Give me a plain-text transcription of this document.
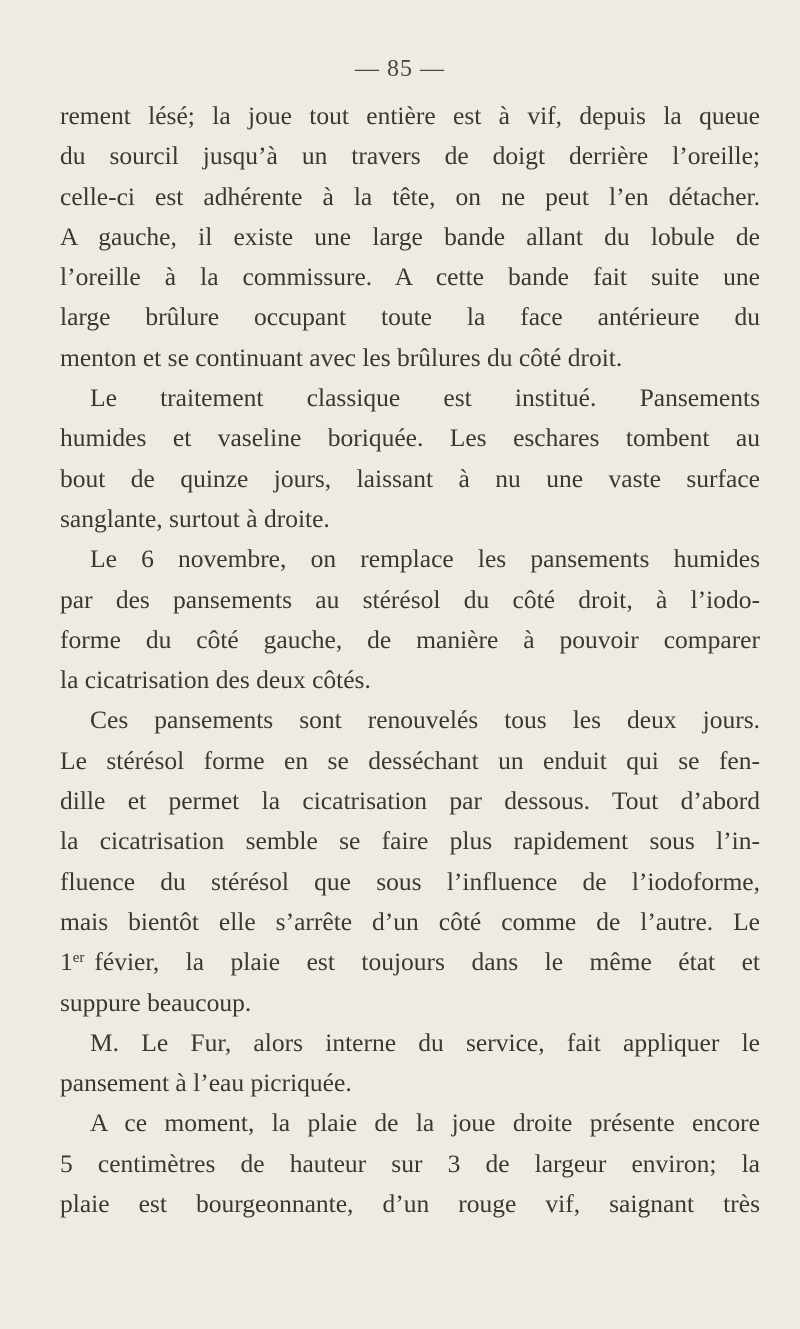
— 85 —
rement lésé; la joue tout entière est à vif, depuis la queue
du sourcil jusqu’à un travers de doigt derrière l’oreille;
celle-ci est adhérente à la tête, on ne peut l’en détacher.
A gauche, il existe une large bande allant du lobule de
l’oreille à la commissure. A cette bande fait suite une
large brûlure occupant toute la face antérieure du
menton et se continuant avec les brûlures du côté droit.
Le traitement classique est institué. Pansements
humides et vaseline boriquée. Les eschares tombent au
bout de quinze jours, laissant à nu une vaste surface
sanglante, surtout à droite.
Le 6 novembre, on remplace les pansements humides
par des pansements au stérésol du côté droit, à l’iodo-
forme du côté gauche, de manière à pouvoir comparer
la cicatrisation des deux côtés.
Ces pansements sont renouvelés tous les deux jours.
Le stérésol forme en se desséchant un enduit qui se fen-
dille et permet la cicatrisation par dessous. Tout d’abord
la cicatrisation semble se faire plus rapidement sous l’in-
fluence du stérésol que sous l’influence de l’iodoforme,
mais bientôt elle s’arrête d’un côté comme de l’autre. Le
1er févier, la plaie est toujours dans le même état et
suppure beaucoup.
M. Le Fur, alors interne du service, fait appliquer le
pansement à l’eau picriquée.
A ce moment, la plaie de la joue droite présente encore
5 centimètres de hauteur sur 3 de largeur environ; la
plaie est bourgeonnante, d’un rouge vif, saignant très
